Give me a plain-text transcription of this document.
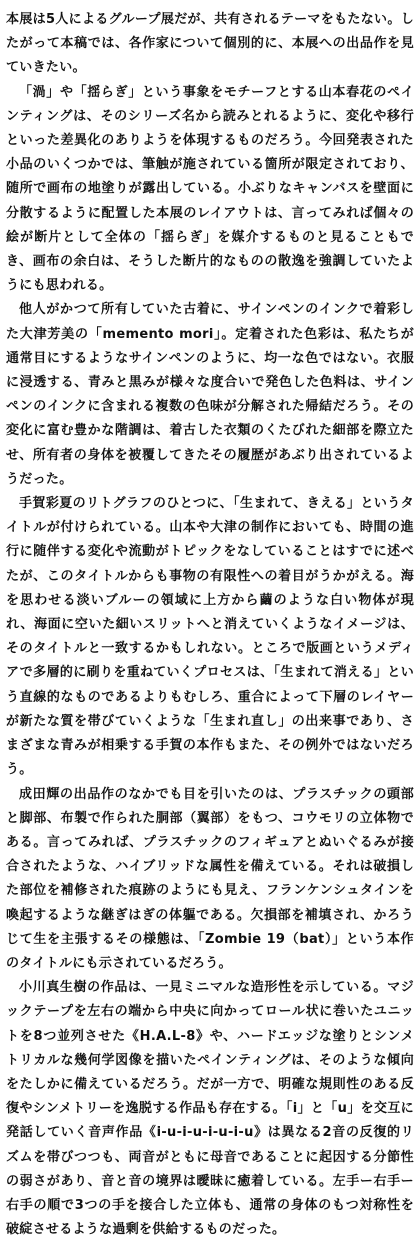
本展は5人によるグループ展だが、共有されるテーマをもたない。したがって本稿では、各作家について個別的に、本展への出品作を見ていきたい。

「渦」や「揺らぎ」という事象をモチーフとする山本春花のペインティングは、そのシリーズ名から読みとれるように、変化や移行といった差異化のありようを体現するものだろう。今回発表された小品のいくつかでは、筆触が施されている箇所が限定されており、随所で画布の地塗りが露出している。小ぶりなキャンバスを壁面に分散するように配置した本展のレイアウトは、言ってみれば個々の絵が断片として全体の「揺らぎ」を媒介するものと見ることもでき、画布の余白は、そうした断片的なものの散逸を強調していたようにも思われる。

他人がかつて所有していた古着に、サインペンのインクで着彩した大津芳美の「memento mori」。定着された色彩は、私たちが通常目にするようなサインペンのように、均一な色ではない。衣服に浸透する、青みと黒みが様々な度合いで発色した色料は、サインペンのインクに含まれる複数の色味が分解された帰結だろう。その変化に富む豊かな階調は、着古した衣類のくたびれた細部を際立たせ、所有者の身体を被覆してきたその履歴があぶり出されているようだった。

手賀彩夏のリトグラフのひとつに、「生まれて、きえる」というタイトルが付けられている。山本や大津の制作においても、時間の進行に随伴する変化や流動がトピックをなしていることはすでに述べたが、このタイトルからも事物の有限性への着目がうかがえる。海を思わせる淡いブルーの領域に上方から繭のような白い物体が現れ、海面に空いた細いスリットへと消えていくようなイメージは、そのタイトルと一致するかもしれない。ところで版画というメディアで多層的に刷りを重ねていくプロセスは、「生まれて消える」という直線的なものであるよりもむしろ、重合によって下層のレイヤーが新たな質を帯びていくような「生まれ直し」の出来事であり、さまざまな青みが相乗する手賀の本作もまた、その例外ではないだろう。

成田輝の出品作のなかでも目を引いたのは、プラスチックの頭部と脚部、布製で作られた胴部（翼部）をもつ、コウモリの立体物である。言ってみれば、プラスチックのフィギュアとぬいぐるみが接合されたような、ハイブリッドな属性を備えている。それは破損した部位を補修された痕跡のようにも見え、フランケンシュタインを喚起するような継ぎはぎの体軀である。欠損部を補填され、かろうじて生を主張するその様態は、「Zombie 19（bat）」という本作のタイトルにも示されているだろう。

小川真生樹の作品は、一見ミニマルな造形性を示している。マジックテープを左右の端から中央に向かってロール状に巻いたユニットを8つ並列させた《H.A.L-8》や、ハードエッジな塗りとシンメトリカルな幾何学図像を描いたペインティングは、そのような傾向をたしかに備えているだろう。だが一方で、明確な規則性のある反復やシンメトリーを逸脱する作品も存在する。「i」と「u」を交互に発話していく音声作品《i-u-i-u-i-u-i-u》は異なる2音の反復的リズムを帯びつつも、両音がともに母音であることに起因する分節性の弱さがあり、音と音の境界は曖昧に癒着している。左手ー右手ー右手の順で3つの手を接合した立体も、通常の身体のもつ対称性を破綻させるような過剰を供給するものだった。
